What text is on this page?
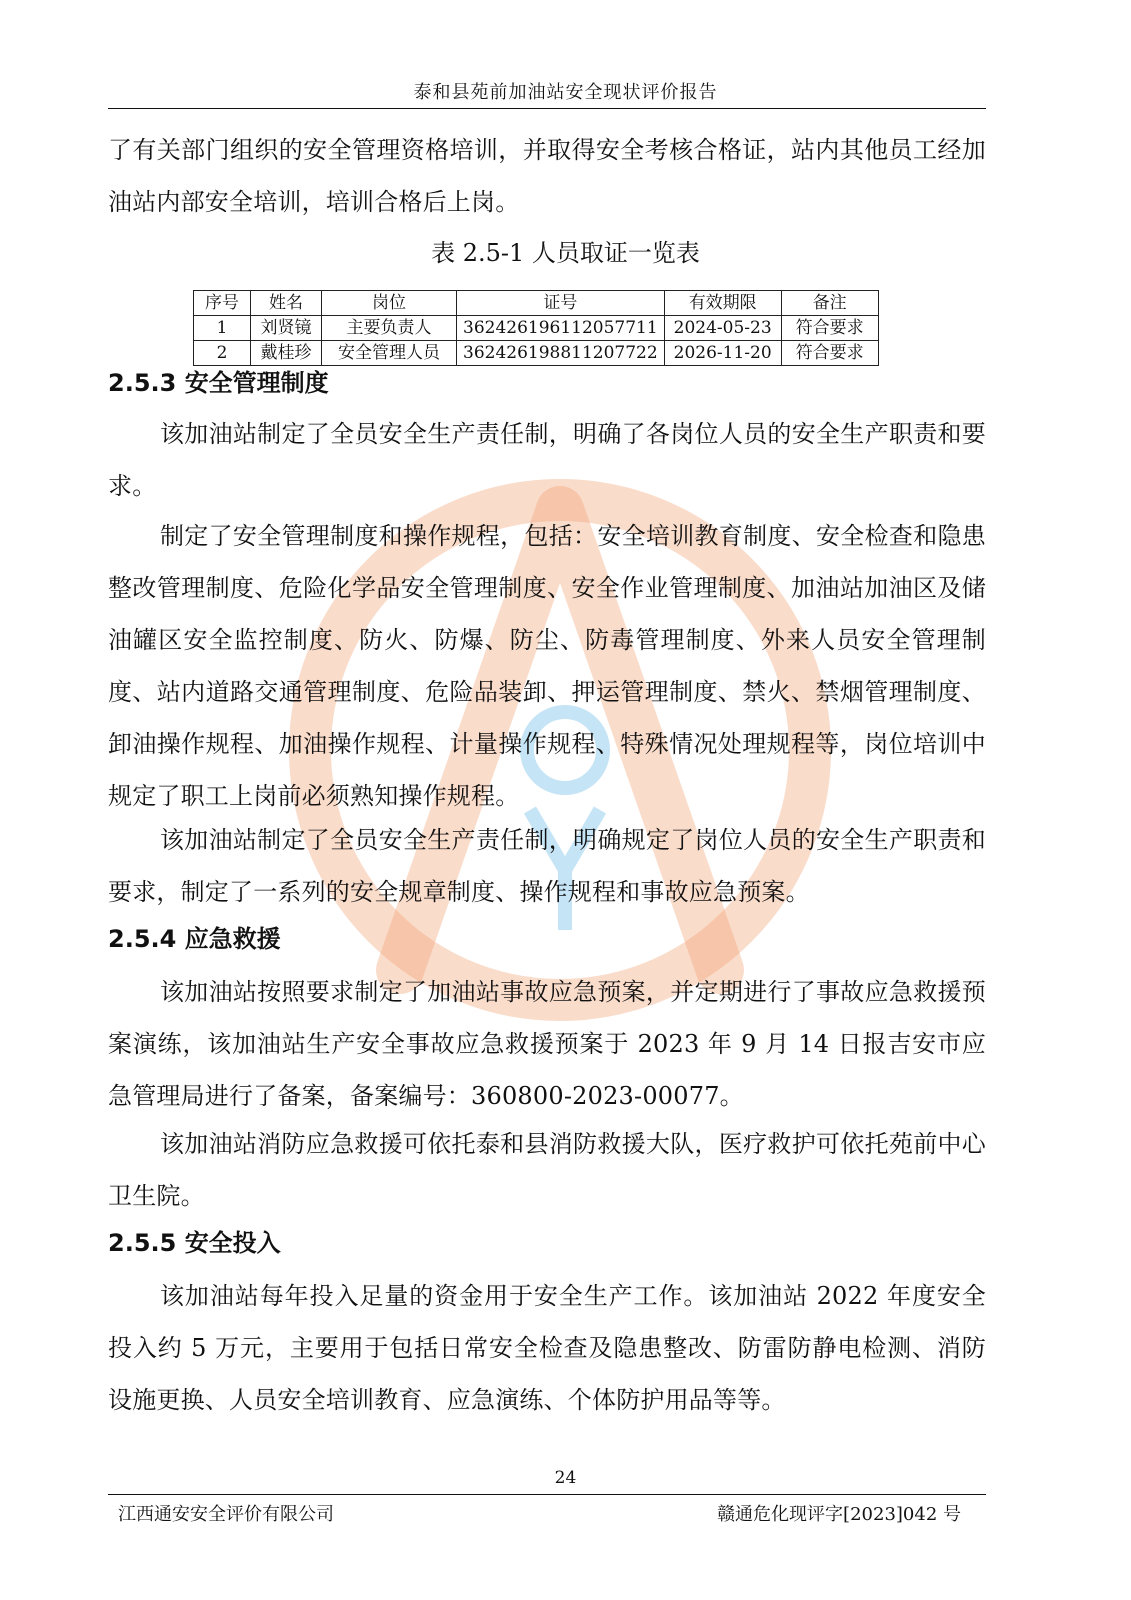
泰和县苑前加油站安全现状评价报告

了有关部门组织的安全管理资格培训，并取得安全考核合格证，站内其他员工经加油站内部安全培训，培训合格后上岗。

表 2.5-1 人员取证一览表
序号	姓名	岗位	证号	有效期限	备注
1	刘贤镜	主要负责人	362426196112057711	2024-05-23	符合要求
2	戴桂珍	安全管理人员	362426198811207722	2026-11-20	符合要求
2.5.3 安全管理制度

该加油站制定了全员安全生产责任制，明确了各岗位人员的安全生产职责和要求。

制定了安全管理制度和操作规程，包括：安全培训教育制度、安全检查和隐患整改管理制度、危险化学品安全管理制度、安全作业管理制度、加油站加油区及储油罐区安全监控制度、防火、防爆、防尘、防毒管理制度、外来人员安全管理制度、站内道路交通管理制度、危险品装卸、押运管理制度、禁火、禁烟管理制度、卸油操作规程、加油操作规程、计量操作规程、特殊情况处理规程等，岗位培训中规定了职工上岗前必须熟知操作规程。

该加油站制定了全员安全生产责任制，明确规定了岗位人员的安全生产职责和要求，制定了一系列的安全规章制度、操作规程和事故应急预案。

2.5.4 应急救援

该加油站按照要求制定了加油站事故应急预案，并定期进行了事故应急救援预案演练，该加油站生产安全事故应急救援预案于 2023 年 9 月 14 日报吉安市应急管理局进行了备案，备案编号：360800-2023-00077。

该加油站消防应急救援可依托泰和县消防救援大队，医疗救护可依托苑前中心卫生院。

2.5.5 安全投入

该加油站每年投入足量的资金用于安全生产工作。该加油站 2022 年度安全投入约 5 万元，主要用于包括日常安全检查及隐患整改、防雷防静电检测、消防设施更换、人员安全培训教育、应急演练、个体防护用品等等。

24
江西通安安全评价有限公司	赣通危化现评字[2023]042 号
